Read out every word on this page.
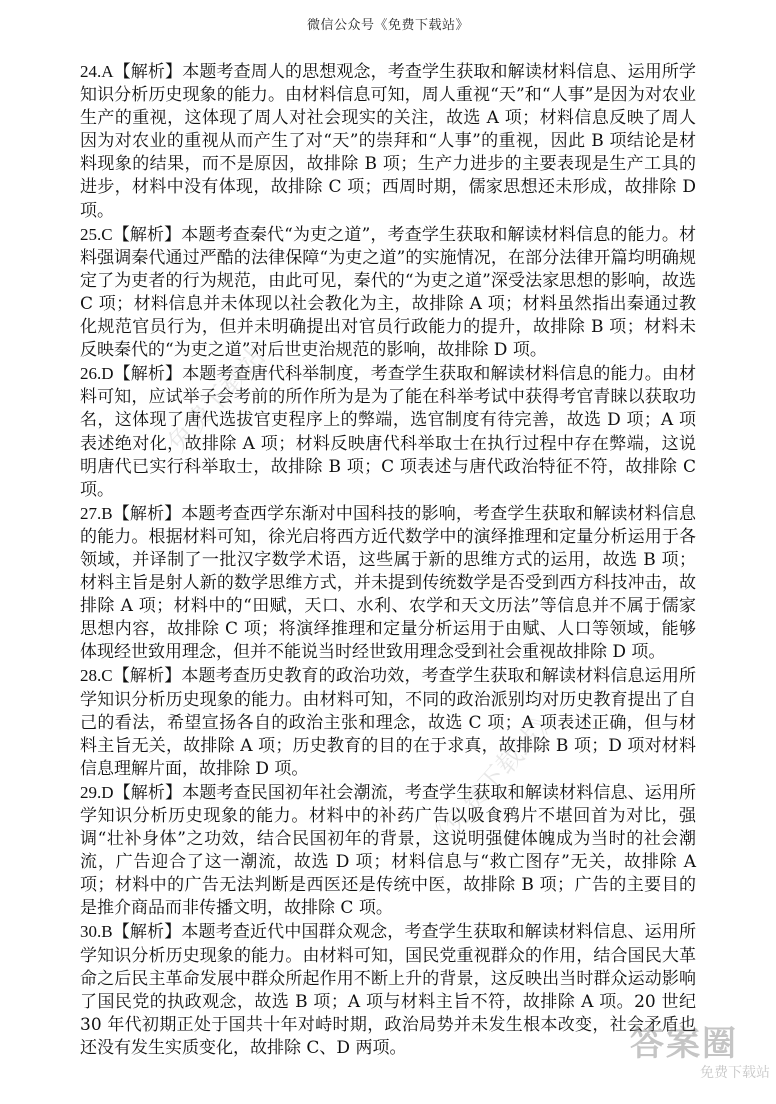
微信公众号《免费下载站》

24.A【解析】本题考查周人的思想观念，考查学生获取和解读材料信息、运用所学知识分析历史现象的能力。由材料信息可知，周人重视“天”和“人事”是因为对农业生产的重视，这体现了周人对社会现实的关注，故选 A 项；材料信息反映了周人因为对农业的重视从而产生了对“天”的崇拜和“人事”的重视，因此 B 项结论是材料现象的结果，而不是原因，故排除 B 项；生产力进步的主要表现是生产工具的进步，材料中没有体现，故排除 C 项；西周时期，儒家思想还未形成，故排除 D 项。

25.C【解析】本题考查秦代“为吏之道”，考查学生获取和解读材料信息的能力。材料强调秦代通过严酷的法律保障“为吏之道”的实施情况，在部分法律开篇均明确规定了为吏者的行为规范，由此可见，秦代的“为吏之道”深受法家思想的影响，故选 C 项；材料信息并未体现以社会教化为主，故排除 A 项；材料虽然指出秦通过教化规范官员行为，但并未明确提出对官员行政能力的提升，故排除 B 项；材料未反映秦代的“为吏之道”对后世吏治规范的影响，故排除 D 项。

26.D【解析】本题考查唐代科举制度，考查学生获取和解读材料信息的能力。由材料可知，应试举子会考前的所作所为是为了能在科举考试中获得考官青睐以获取功名，这体现了唐代选拔官吏程序上的弊端，选官制度有待完善，故选 D 项；A 项表述绝对化，故排除 A 项；材料反映唐代科举取士在执行过程中存在弊端，这说明唐代已实行科举取士，故排除 B 项；C 项表述与唐代政治特征不符，故排除 C 项。

27.B【解析】本题考查西学东渐对中国科技的影响，考查学生获取和解读材料信息的能力。根据材料可知，徐光启将西方近代数学中的演绎推理和定量分析运用于各领域，并译制了一批汉字数学术语，这些属于新的思维方式的运用，故选 B 项；材料主旨是射人新的数学思维方式，并未提到传统数学是否受到西方科技冲击，故排除 A 项；材料中的“田赋，天口、水利、农学和天文历法”等信息并不属于儒家思想内容，故排除 C 项；将演绎推理和定量分析运用于由赋、人口等领域，能够体现经世致用理念，但并不能说当时经世致用理念受到社会重视故排除 D 项。

28.C【解析】本题考查历史教育的政治功效，考查学生获取和解读材料信息运用所学知识分析历史现象的能力。由材料可知，不同的政治派别均对历史教育提出了自己的看法，希望宣扬各自的政治主张和理念，故选 C 项；A 项表述正确，但与材料主旨无关，故排除 A 项；历史教育的目的在于求真，故排除 B 项；D 项对材料信息理解片面，故排除 D 项。

29.D【解析】本题考查民国初年社会潮流，考查学生获取和解读材料信息、运用所学知识分析历史现象的能力。材料中的补药广告以吸食鸦片不堪回首为对比，强调“壮补身体”之功效，结合民国初年的背景，这说明强健体魄成为当时的社会潮流，广告迎合了这一潮流，故选 D 项；材料信息与“救亡图存”无关，故排除 A 项；材料中的广告无法判断是西医还是传统中医，故排除 B 项；广告的主要目的是推介商品而非传播文明，故排除 C 项。

30.B【解析】本题考查近代中国群众观念，考查学生获取和解读材料信息、运用所学知识分析历史现象的能力。由材料可知，国民党重视群众的作用，结合国民大革命之后民主革命发展中群众所起作用不断上升的背景，这反映出当时群众运动影响了国民党的执政观念，故选 B 项；A 项与材料主旨不符，故排除 A 项。20 世纪 30 年代初期正处于国共十年对峙时期，政治局势并未发生根本改变，社会矛盾也还没有发生实质变化，故排除 C、D 两项。

免费下载站
《免费下载站》
答案圈
免费下载站
